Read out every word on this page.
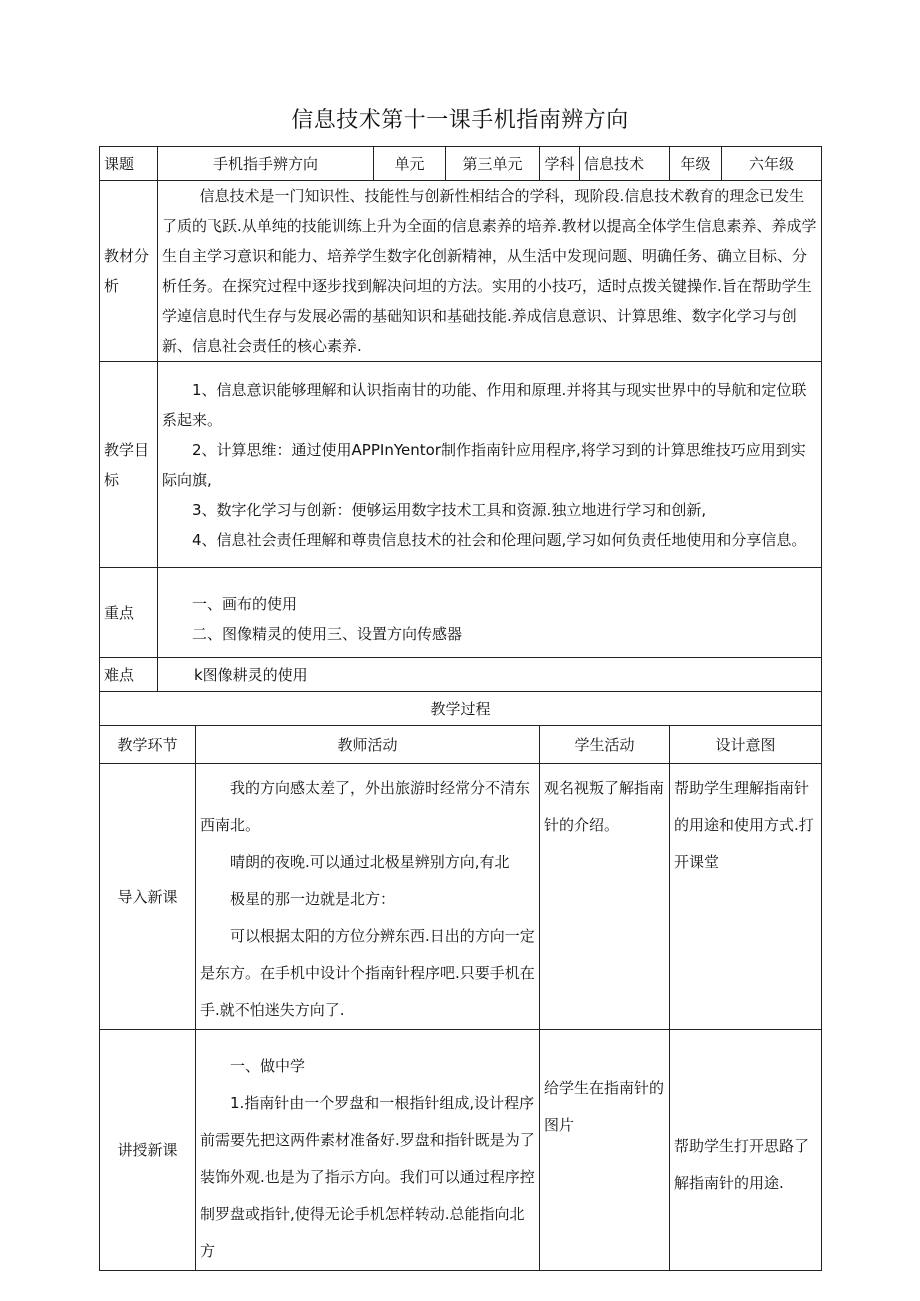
信息技术第十一课手机指南辨方向
课题	手机指手辨方向		单元	第三单元	学科	信息技术	年级	六年级
教材分析	信息技术是一门知识性、技能性与创新性相结合的学科，现阶段.信息技术敎育的理念已发生了质的飞跃.从单纯的技能训练上升为全面的信息素养的培养.教材以提高全体学生信息素养、养成学生自主学习意识和能力、培养学生数字化创新精神，从生活中发现问题、明确任务、确立目标、分析任务。在探究过程中逐步找到解决问坦的方法。实用的小技巧，适时点拨关键操作.旨在帮助学生学逴信息时代生存与发展必需的基础知识和基础技能.养成信息意识、计算思维、数字化学习与创新、信息社会责任的核心素养.							

教学目标	1、信息意识能够理解和认识指南甘的功能、作用和原理.并将其与现实世界中的导航和定位联系起来。

2、计算思维：通过使用APPInYentor制作指南针应用程序,将学习到的计算思维技巧应用到实际向旗,

3、数字化学习与创新：便够运用数字技术工具和资源.独立地进行学习和创新,

4、信息社会责任理解和尊贵信息技术的社会和伦理问题,学习如何负责任地使用和分享信息。							

重点	一、画布的使用

二、图像精灵的使用三、设置方向传感器							

难点	k图像耕灵的使用							
教学过程								
教学环节		教师活动			学生活动		设计意图	
导入新课		我的方向感太差了，外出旅游时经常分不清东西南北。

晴朗的夜晚.可以通过北极星辨别方向,有北

极星的那一边就是北方：

可以根据太阳的方位分辨东西.日出的方向一定是东方。在手机中设计个指南针程序吧.只要手机在手.就不怕迷失方向了.			观名视叛了解指南针的介绍。		帮助学生理解指南针的用途和使用方式.打开课堂	
讲授新课		一、做中学

1.指南针由一个罗盘和一根指针组成,设计程序前需要先把这两件素材准备好.罗盘和指针既是为了装饰外观.也是为了指示方向。我们可以通过程序控制罗盘或指针,使得无论手机怎样转动.总能指向北方			给学生在指南针的图片		帮助学生打开思路了解指南针的用途.	
